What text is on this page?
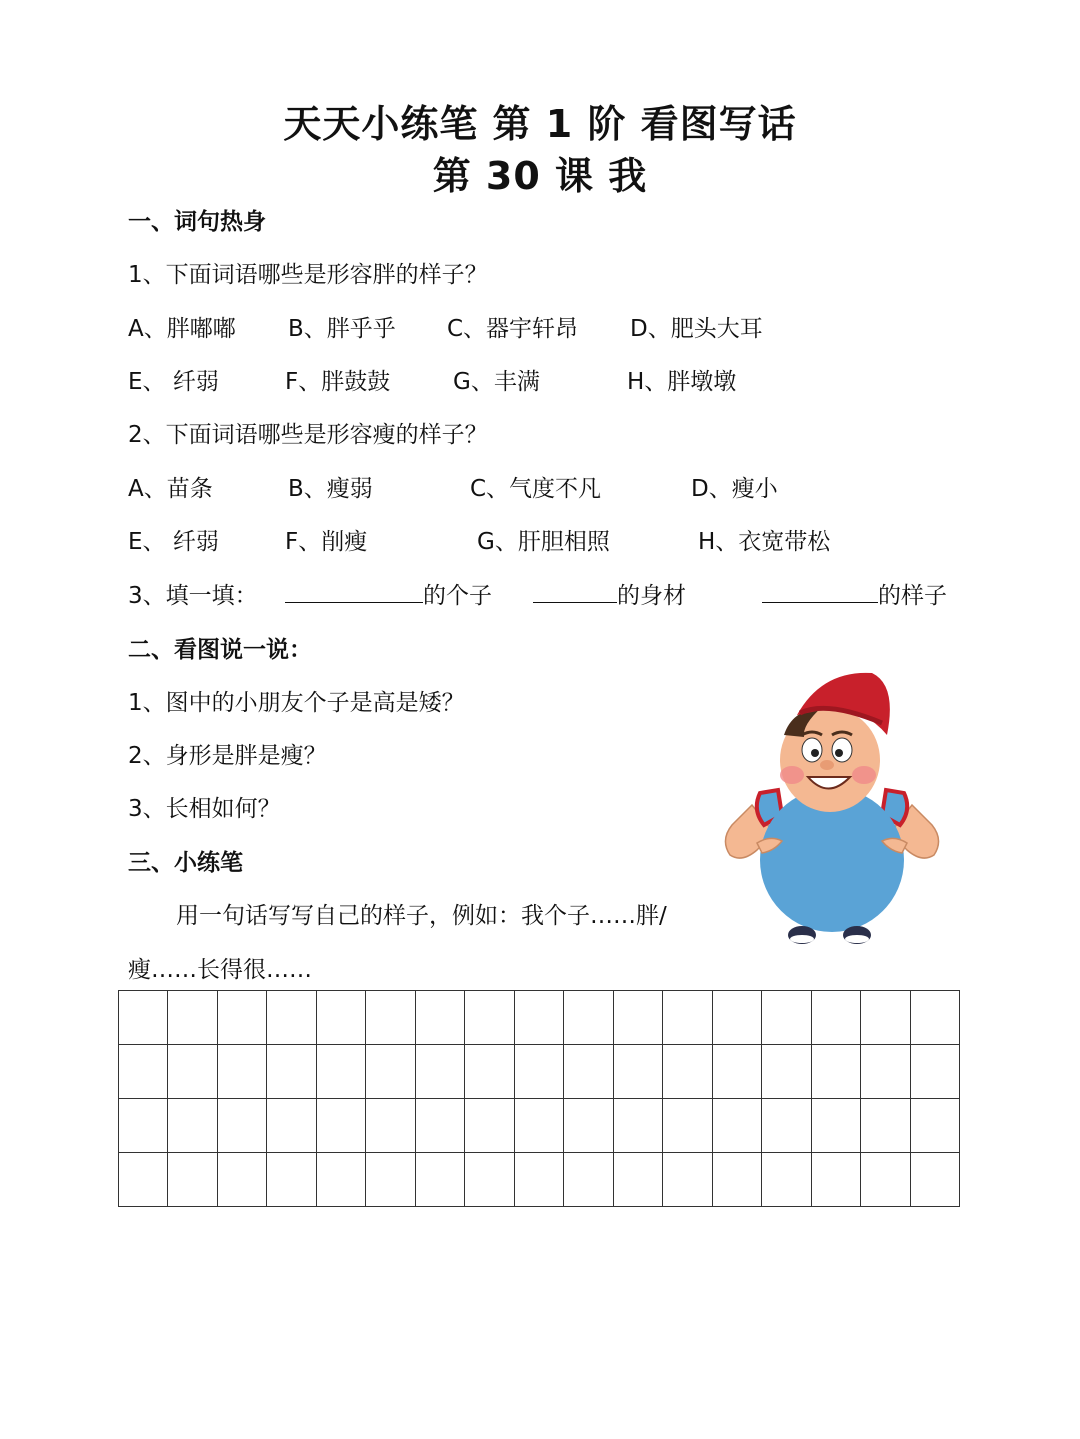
天天小练笔 第 1 阶 看图写话
第 30 课 我

一、词句热身

1、下面词语哪些是形容胖的样子？

A、胖嘟嘟 B、胖乎乎 C、器宇轩昂 D、肥头大耳
E、 纤弱	F、胖鼓鼓	G、丰满	H、胖墩墩

2、下面词语哪些是形容瘦的样子？

A、苗条	B、瘦弱	C、气度不凡	D、瘦小
E、 纤弱	F、削瘦	G、肝胆相照	H、衣宽带松
3、填一填：	的个子	的身材	的样子

二、看图说一说：

1、图中的小朋友个子是高是矮？

2、身形是胖是瘦？

3、长相如何？

三、小练笔

用一句话写写自己的样子，例如：我个子……胖/

瘦……长得很……
